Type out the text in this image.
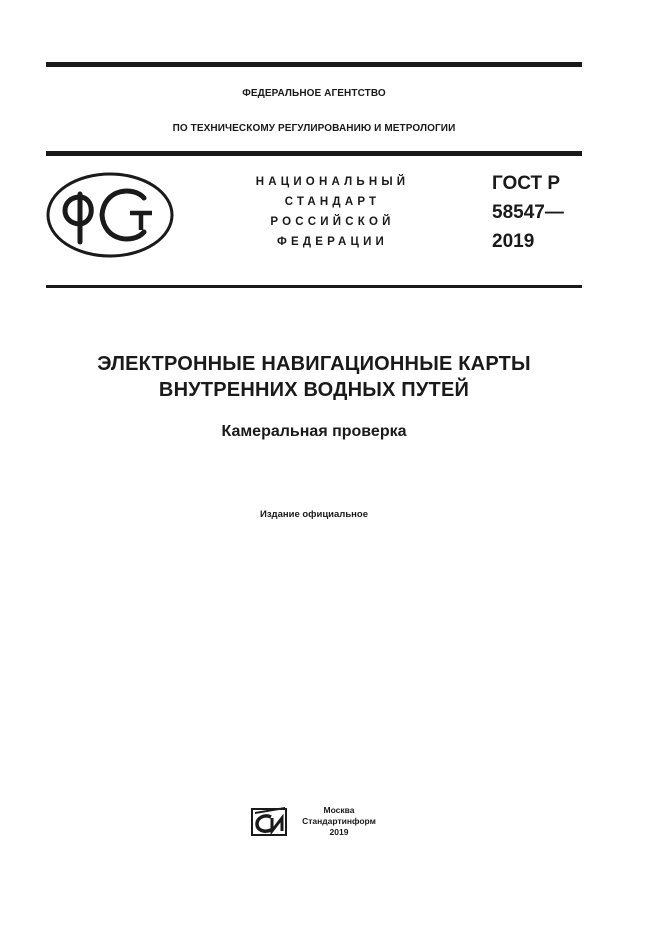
ФЕДЕРАЛЬНОЕ АГЕНТСТВО
ПО ТЕХНИЧЕСКОМУ РЕГУЛИРОВАНИЮ И МЕТРОЛОГИИ
НАЦИОНАЛЬНЫЙ
СТАНДАРТ
РОССИЙСКОЙ
ФЕДЕРАЦИИ
ГОСТ Р
58547—
2019
ЭЛЕКТРОННЫЕ НАВИГАЦИОННЫЕ КАРТЫ
ВНУТРЕННИХ ВОДНЫХ ПУТЕЙ
Камеральная проверка
Издание официальное
Москва
Стандартинформ
2019
